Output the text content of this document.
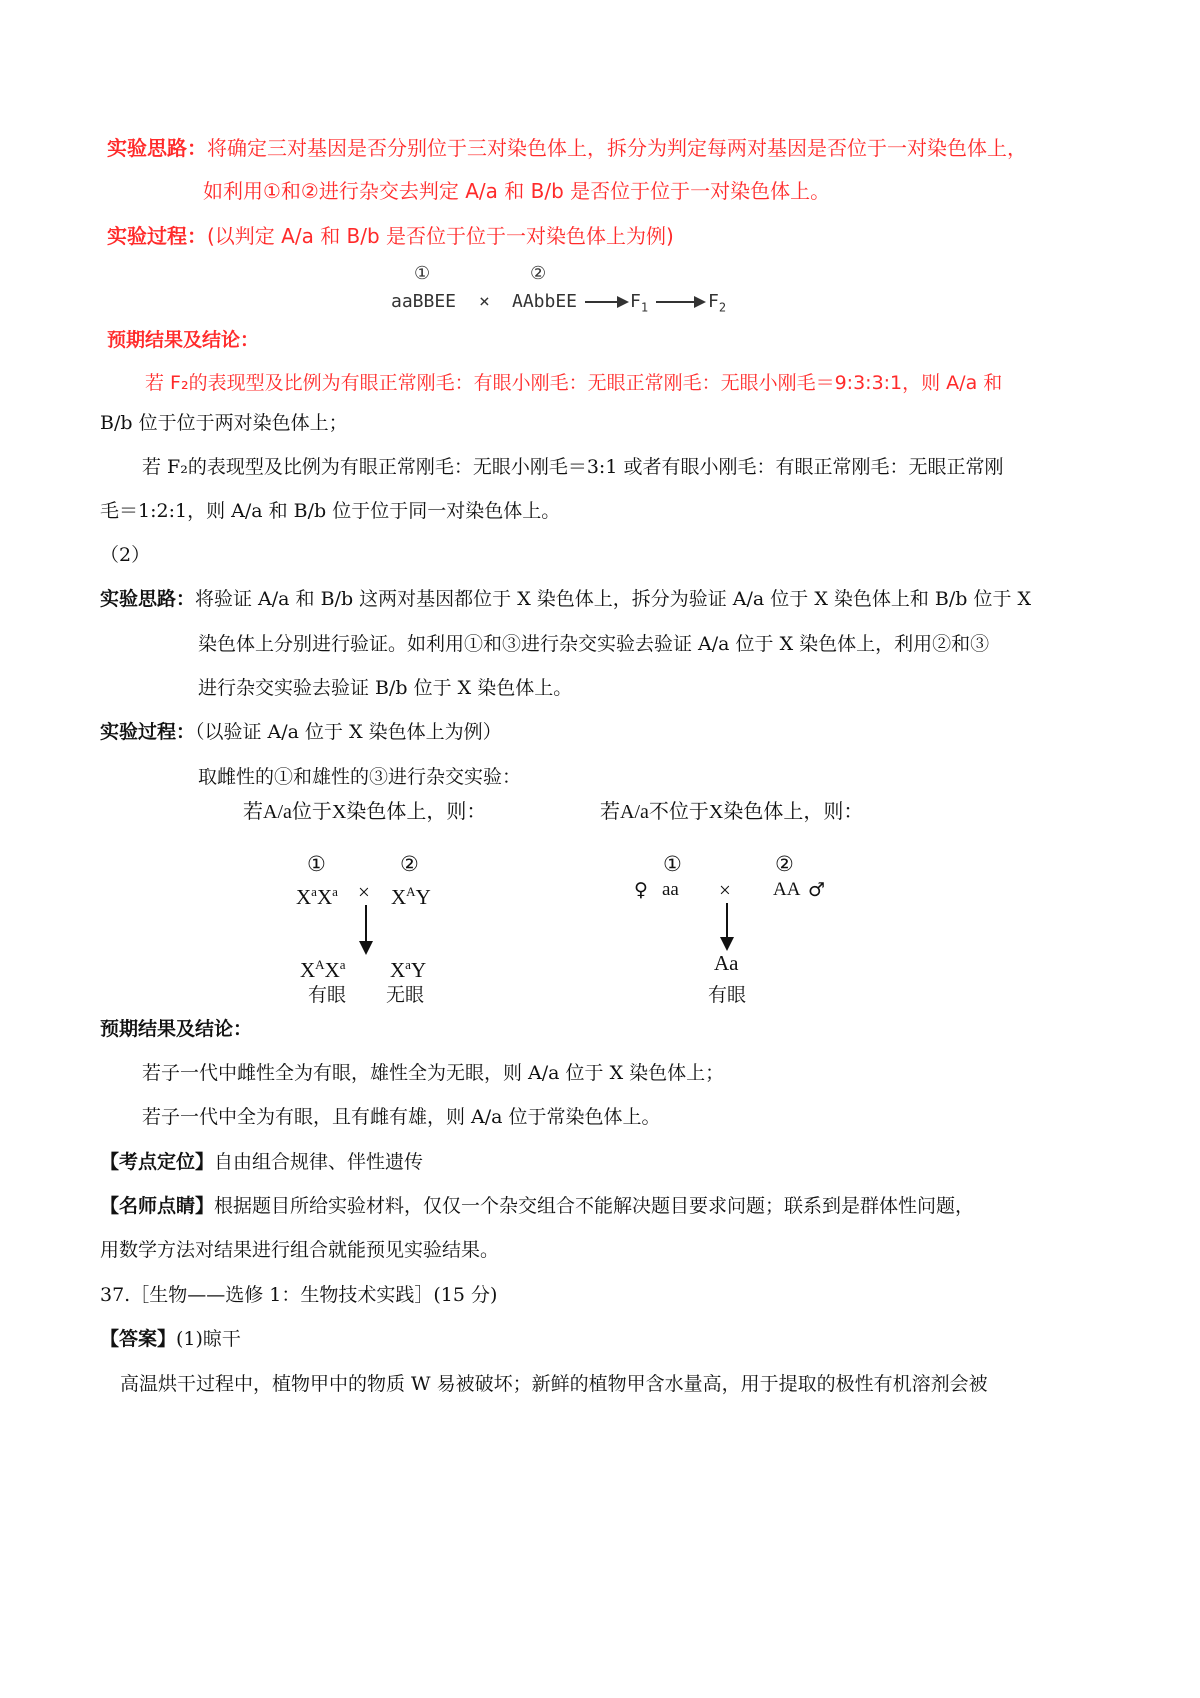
实验思路：将确定三对基因是否分别位于三对染色体上，拆分为判定每两对基因是否位于一对染色体上，
如利用①和②进行杂交去判定 A/a 和 B/b 是否位于位于一对染色体上。
实验过程：(以判定 A/a 和 B/b 是否位于位于一对染色体上为例)
①	②
aaBBEE × AAbbEE	$F_1$	$F_2$
预期结果及结论：
若 F₂的表现型及比例为有眼正常刚毛：有眼小刚毛：无眼正常刚毛：无眼小刚毛＝9:3:3:1，则 A/a 和
B/b 位于位于两对染色体上；
若 F₂的表现型及比例为有眼正常刚毛：无眼小刚毛＝3:1 或者有眼小刚毛：有眼正常刚毛：无眼正常刚
毛＝1:2:1，则 A/a 和 B/b 位于位于同一对染色体上。
（2）
实验思路：将验证 A/a 和 B/b 这两对基因都位于 X 染色体上，拆分为验证 A/a 位于 X 染色体上和 B/b 位于 X
染色体上分别进行验证。如利用①和③进行杂交实验去验证 A/a 位于 X 染色体上，利用②和③
进行杂交实验去验证 B/b 位于 X 染色体上。
实验过程：（以验证 A/a 位于 X 染色体上为例）
取雌性的①和雄性的③进行杂交实验：
若A/a位于X染色体上，则：
①	②
$X^aX^a \times X^AY$
$X^AX^a$ $X^aY$
有眼 无眼
若A/a不位于X染色体上，则：
①	②
♀ aa × AA ♂
Aa
有眼
预期结果及结论：
若子一代中雌性全为有眼，雄性全为无眼，则 A/a 位于 X 染色体上；
若子一代中全为有眼，且有雌有雄，则 A/a 位于常染色体上。
【考点定位】自由组合规律、伴性遗传
【名师点睛】根据题目所给实验材料，仅仅一个杂交组合不能解决题目要求问题；联系到是群体性问题，
用数学方法对结果进行组合就能预见实验结果。
37.［生物——选修 1：生物技术实践］(15 分)
【答案】(1)晾干
高温烘干过程中，植物甲中的物质 W 易被破坏；新鲜的植物甲含水量高，用于提取的极性有机溶剂会被
